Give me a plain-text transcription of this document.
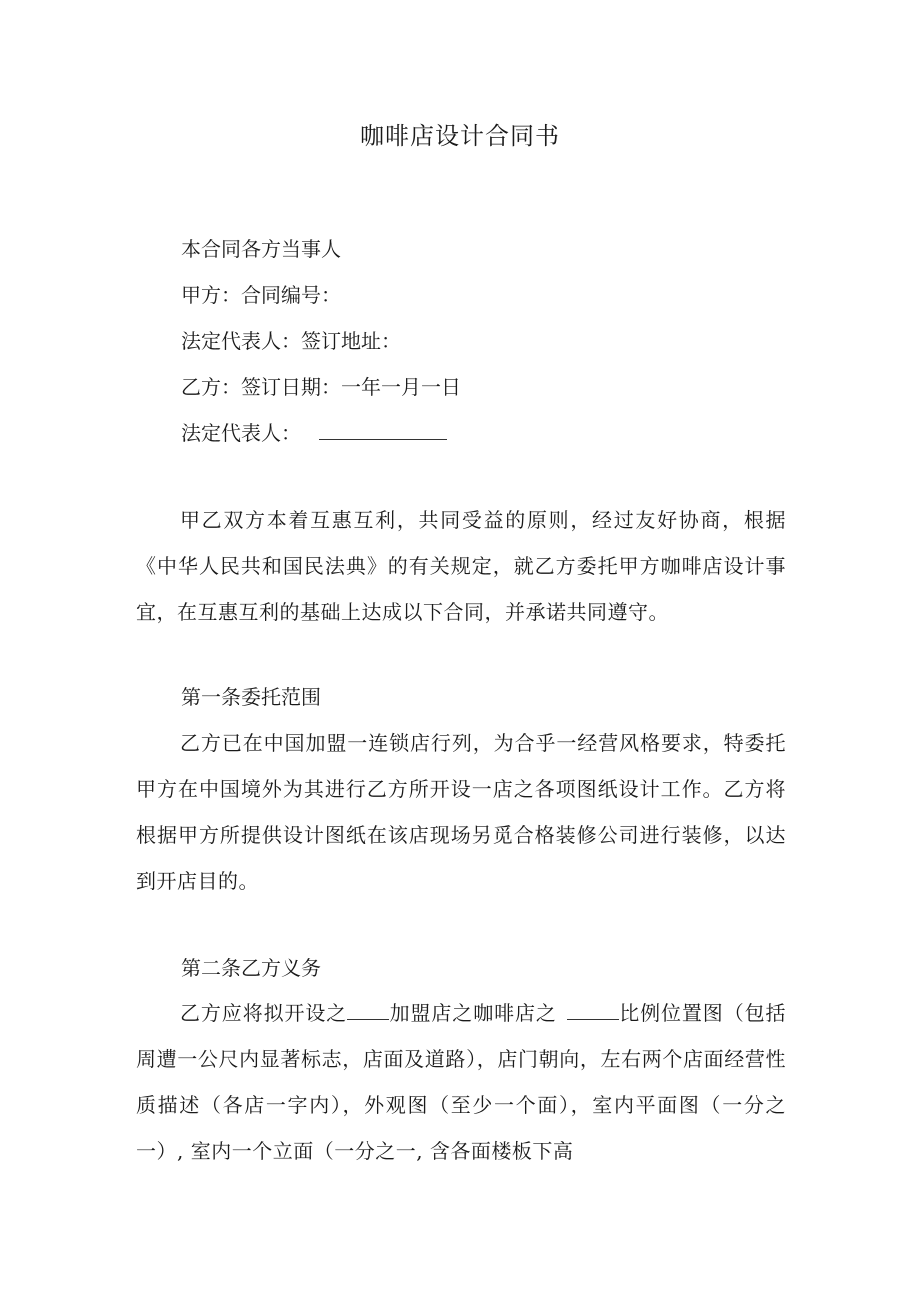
咖啡店设计合同书

本合同各方当事人

甲方：合同编号：

法定代表人：签订地址：

乙方：签订日期：一年一月一日

法定代表人：

甲乙双方本着互惠互利，共同受益的原则，经过友好协商，根据《中华人民共和国民法典》的有关规定，就乙方委托甲方咖啡店设计事宜，在互惠互利的基础上达成以下合同，并承诺共同遵守。

第一条委托范围

乙方已在中国加盟一连锁店行列，为合乎一经营风格要求，特委托甲方在中国境外为其进行乙方所开设一店之各项图纸设计工作。乙方将根据甲方所提供设计图纸在该店现场另觅合格装修公司进行装修，以达到开店目的。

第二条乙方义务

乙方应将拟开设之 加盟店之咖啡店之	比例位置图（包括周遭一公尺内显著标志，店面及道路），店门朝向，左右两个店面经营性质描述（各店一字内），外观图（至少一个面），室内平面图（一分之一）, 室内一个立面（一分之一, 含各面楼板下高
